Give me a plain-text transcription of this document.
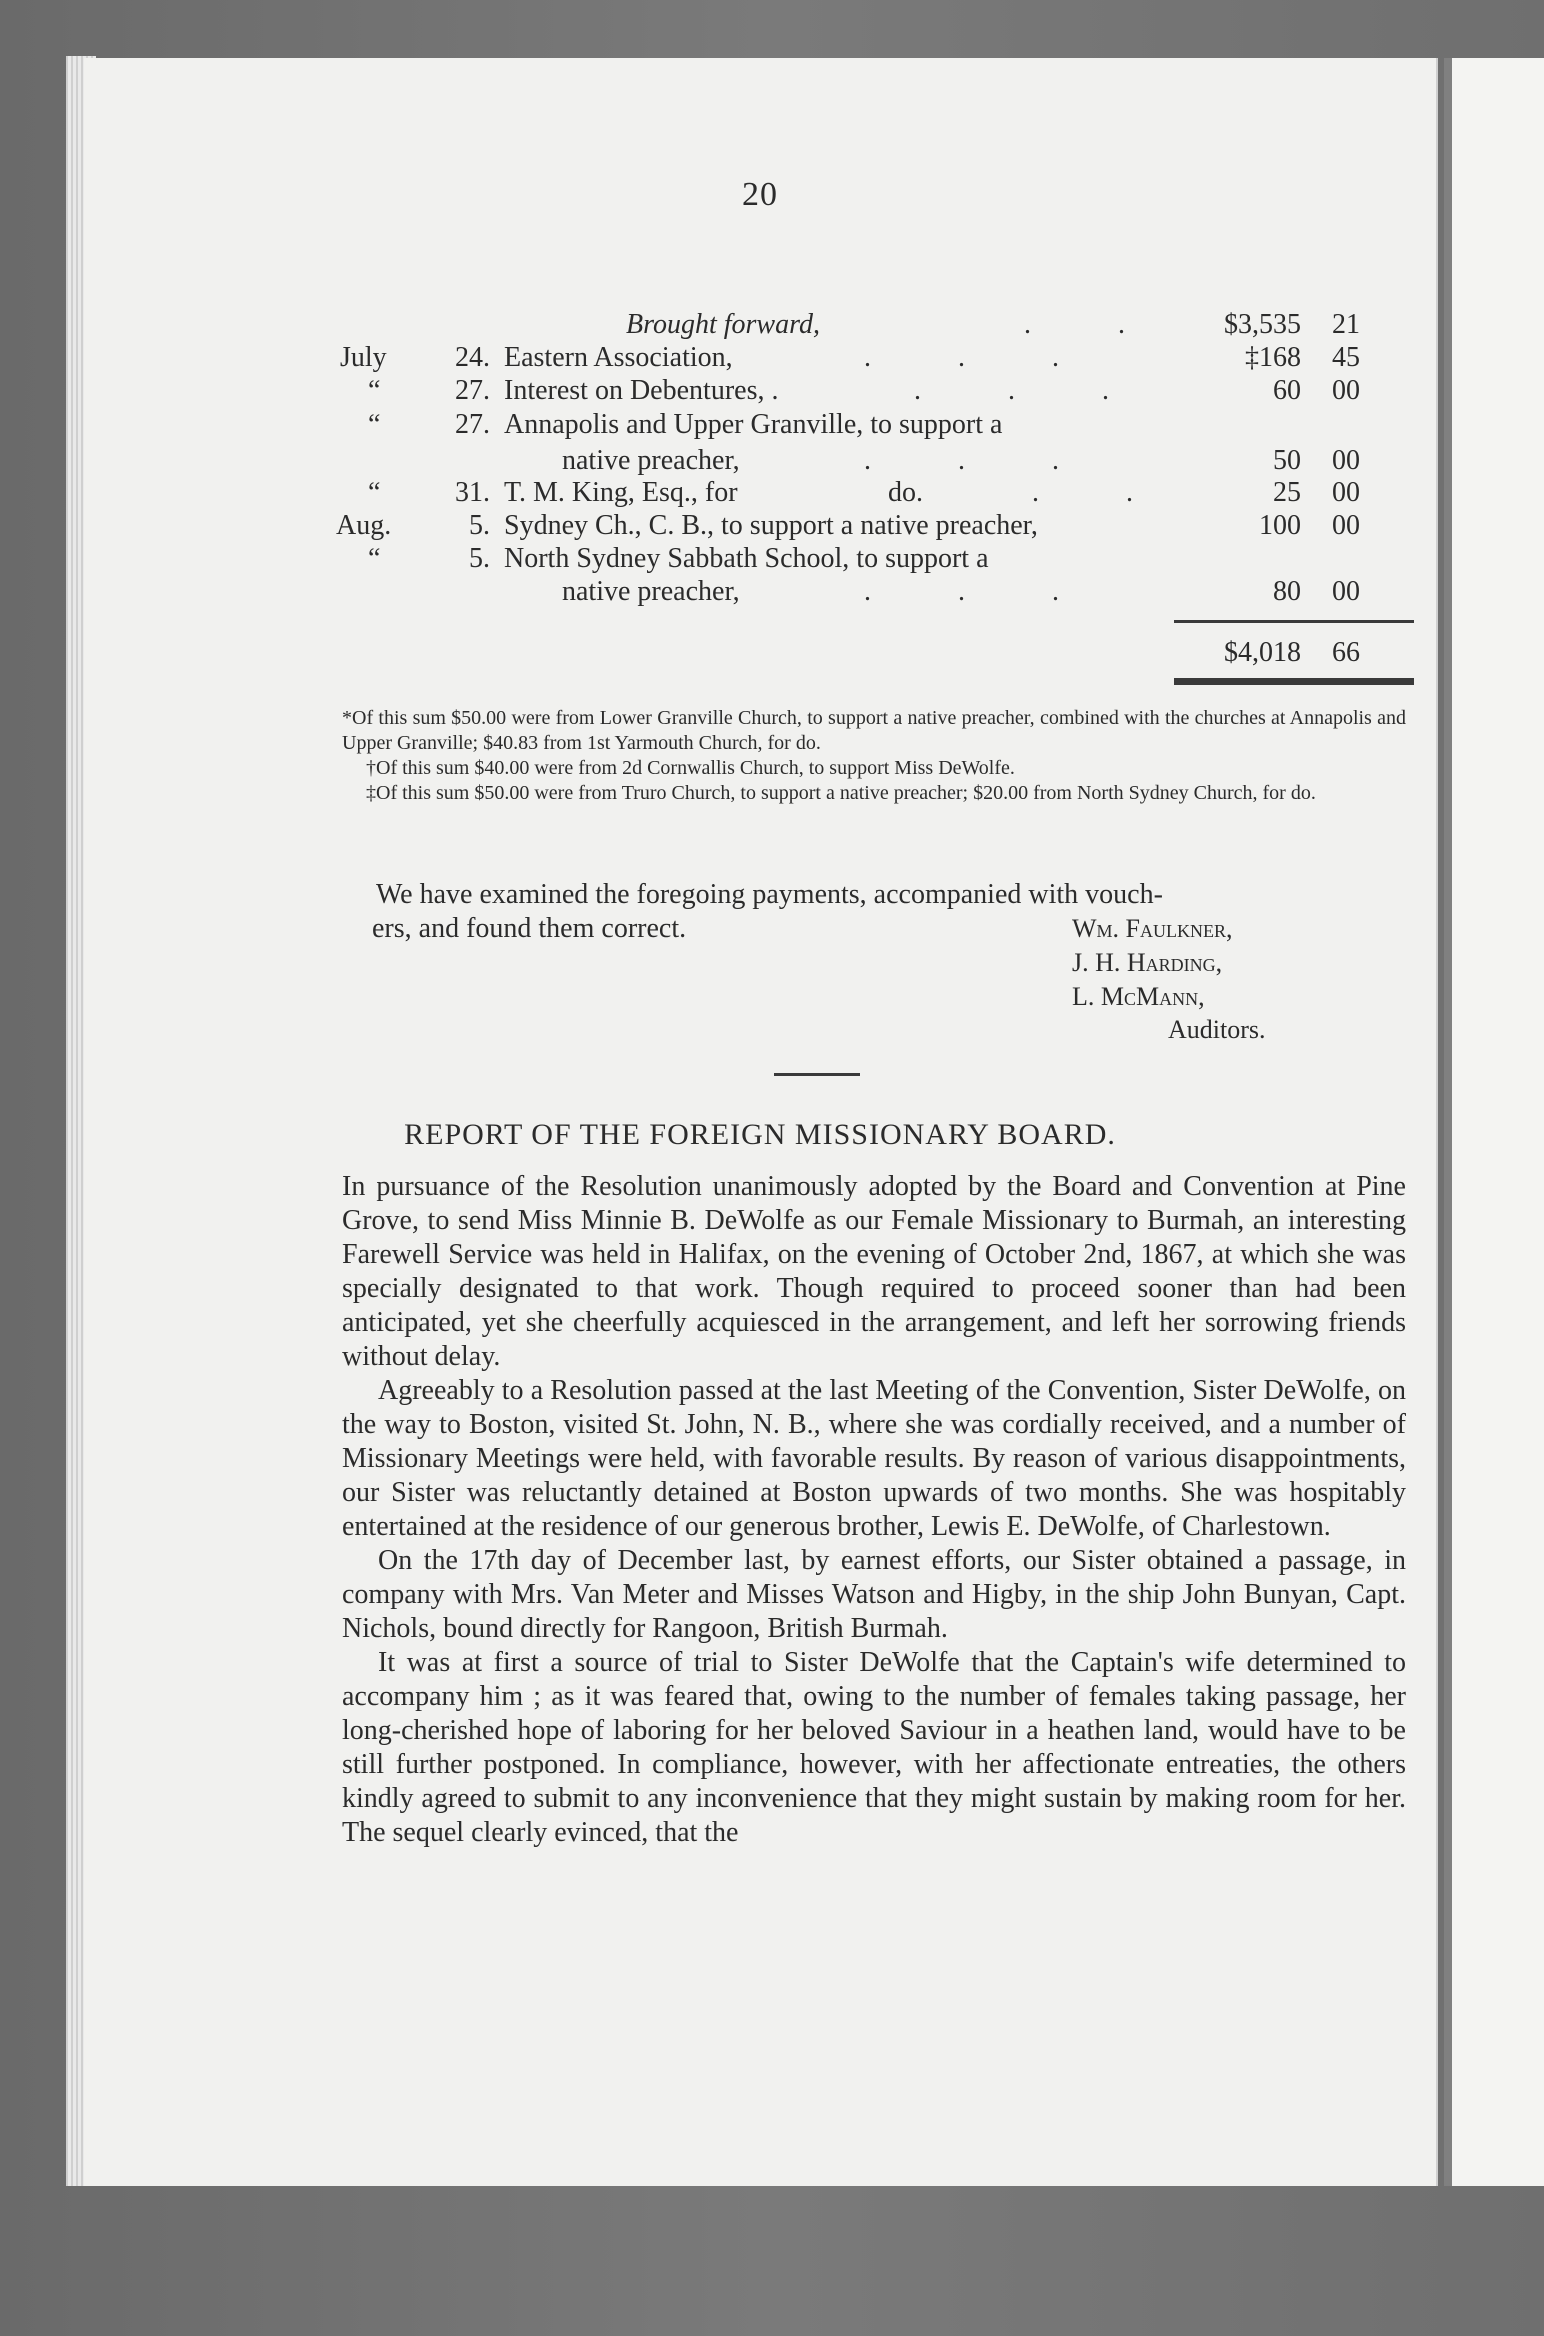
20
Brought forward,	. .	$3,535	21
July	24. Eastern Association,	. . .	‡168	45
“	27. Interest on Debentures, .	. . .	60	00
“	27. Annapolis and Upper Granville, to support a
native preacher,	. . .	50	00
“	31. T. M. King, Esq., for	do.	. .	25	00
Aug.	5. Sydney Ch., C. B., to support a native preacher,	100	00
“	5. North Sydney Sabbath School, to support a
native preacher,	. . .	80	00
$4,018	66

*Of this sum $50.00 were from Lower Granville Church, to support a native preacher, combined with the churches at Annapolis and Upper Granville; $40.83 from 1st Yarmouth Church, for do.

†Of this sum $40.00 were from 2d Cornwallis Church, to support Miss DeWolfe.

‡Of this sum $50.00 were from Truro Church, to support a native preacher; $20.00 from North Sydney Church, for do.

We have examined the foregoing payments, accompanied with vouch-
ers, and found them correct.	Wm. Faulkner,
J. H. Harding,
L. McMann,
Auditors.
REPORT OF THE FOREIGN MISSIONARY BOARD.

In pursuance of the Resolution unanimously adopted by the Board and Convention at Pine Grove, to send Miss Minnie B. DeWolfe as our Female Missionary to Burmah, an interesting Farewell Service was held in Halifax, on the evening of October 2nd, 1867, at which she was specially designated to that work. Though required to proceed sooner than had been anticipated, yet she cheerfully acquiesced in the arrangement, and left her sorrowing friends without delay.

Agreeably to a Resolution passed at the last Meeting of the Convention, Sister DeWolfe, on the way to Boston, visited St. John, N. B., where she was cordially received, and a number of Missionary Meetings were held, with favorable results. By reason of various disappointments, our Sister was reluctantly detained at Boston upwards of two months. She was hospitably entertained at the residence of our generous brother, Lewis E. DeWolfe, of Charlestown.

On the 17th day of December last, by earnest efforts, our Sister obtained a passage, in company with Mrs. Van Meter and Misses Watson and Higby, in the ship John Bunyan, Capt. Nichols, bound directly for Rangoon, British Burmah.

It was at first a source of trial to Sister DeWolfe that the Captain's wife determined to accompany him ; as it was feared that, owing to the number of females taking passage, her long-cherished hope of laboring for her beloved Saviour in a heathen land, would have to be still further postponed. In compliance, however, with her affectionate entreaties, the others kindly agreed to submit to any inconvenience that they might sustain by making room for her. The sequel clearly evinced, that the
